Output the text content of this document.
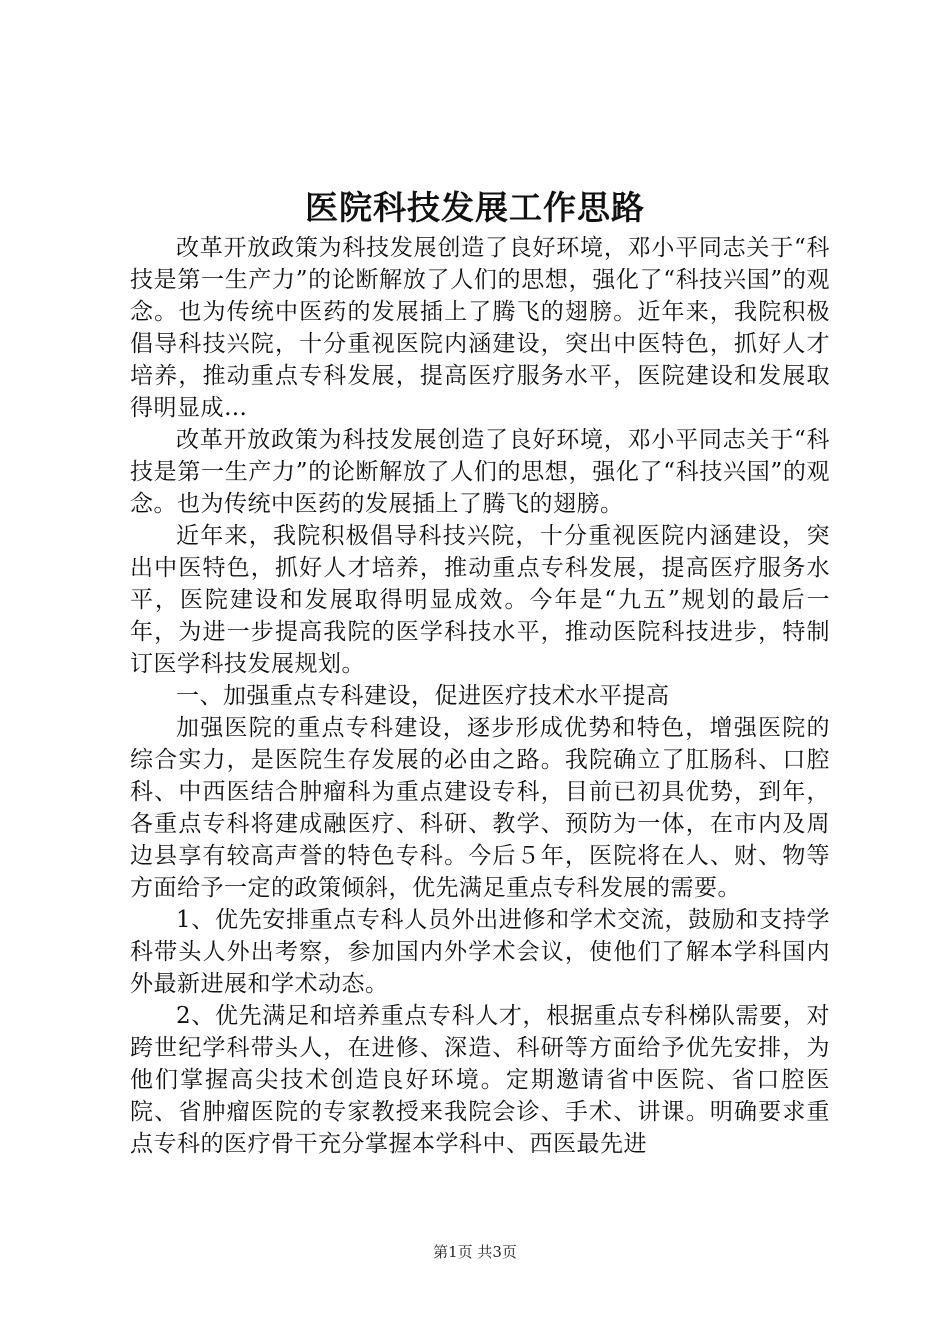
医院科技发展工作思路

改革开放政策为科技发展创造了良好环境，邓小平同志关于“科技是第一生产力”的论断解放了人们的思想，强化了“科技兴国”的观念。也为传统中医药的发展插上了腾飞的翅膀。近年来，我院积极倡导科技兴院，十分重视医院内涵建设，突出中医特色，抓好人才培养，推动重点专科发展，提高医疗服务水平，医院建设和发展取得明显成…

改革开放政策为科技发展创造了良好环境，邓小平同志关于“科技是第一生产力”的论断解放了人们的思想，强化了“科技兴国”的观念。也为传统中医药的发展插上了腾飞的翅膀。

近年来，我院积极倡导科技兴院，十分重视医院内涵建设，突出中医特色，抓好人才培养，推动重点专科发展，提高医疗服务水平，医院建设和发展取得明显成效。今年是“九五”规划的最后一年，为进一步提高我院的医学科技水平，推动医院科技进步，特制订医学科技发展规划。

一、加强重点专科建设，促进医疗技术水平提高

加强医院的重点专科建设，逐步形成优势和特色，增强医院的综合实力，是医院生存发展的必由之路。我院确立了肛肠科、口腔科、中西医结合肿瘤科为重点建设专科，目前已初具优势，到年，各重点专科将建成融医疗、科研、教学、预防为一体，在市内及周边县享有较高声誉的特色专科。今后５年，医院将在人、财、物等方面给予一定的政策倾斜，优先满足重点专科发展的需要。

1、优先安排重点专科人员外出进修和学术交流，鼓励和支持学科带头人外出考察，参加国内外学术会议，使他们了解本学科国内外最新进展和学术动态。

2、优先满足和培养重点专科人才，根据重点专科梯队需要，对跨世纪学科带头人，在进修、深造、科研等方面给予优先安排，为他们掌握高尖技术创造良好环境。定期邀请省中医院、省口腔医院、省肿瘤医院的专家教授来我院会诊、手术、讲课。明确要求重点专科的医疗骨干充分掌握本学科中、西医最先进

第1页 共3页
